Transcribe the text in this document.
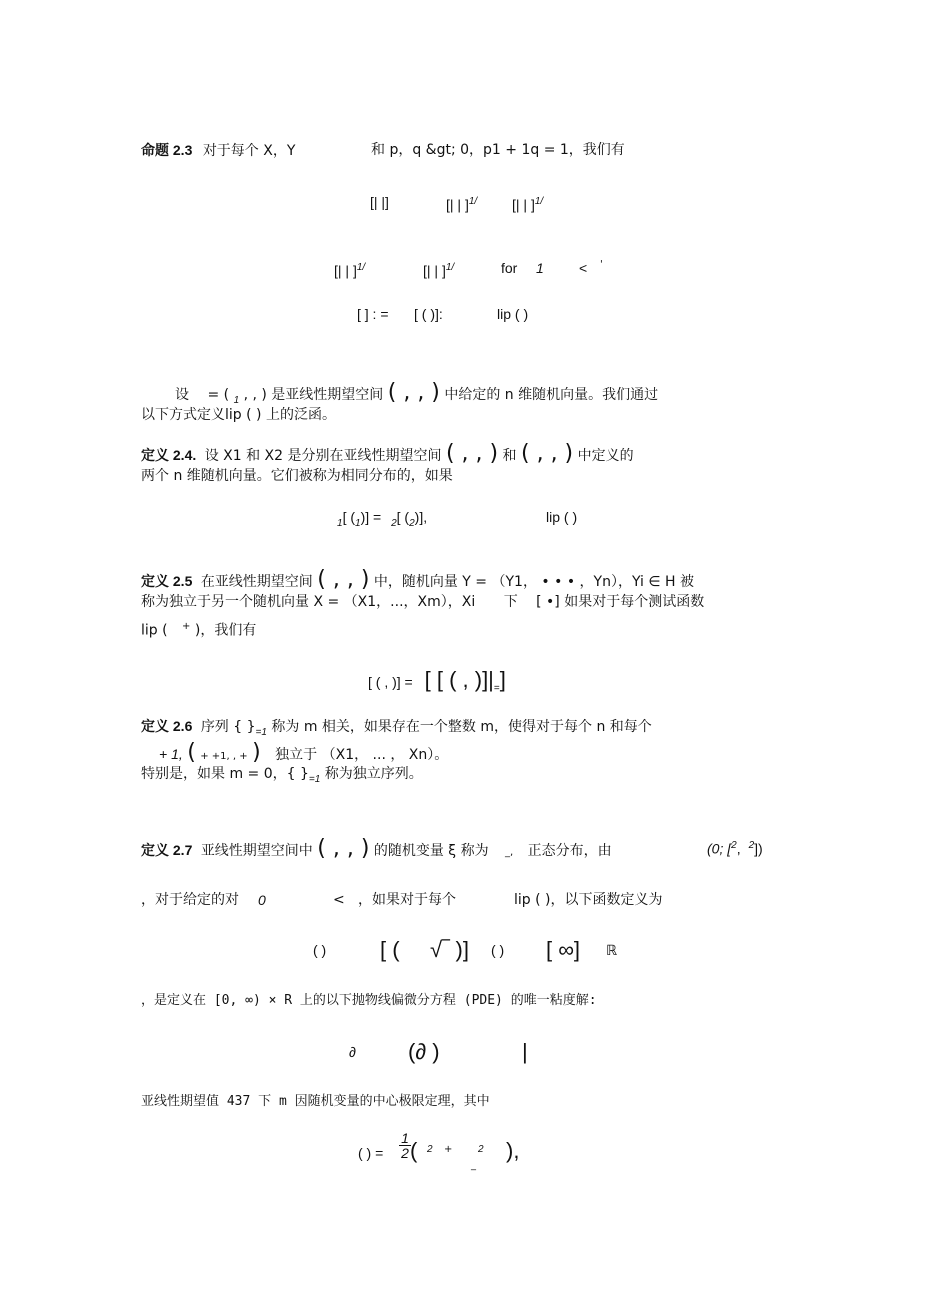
命题 2.3 对于每个 X，Y	和 p，q &gt; 0，p1 + 1q = 1，我们有
[| |]	[| | ]$^{1/}$ [| | ]$^{1/}$
[| | ]$^{1/}$	[| | ]$^{1/}$	for 1	< '
[ ] : = [ ( )]:	lip ( )
设 = ( $_1$ , , ) 是亚线性期望空间 ( , , ) 中给定的 n 维随机向量。我们通过
以下方式定义lip ( ) 上的泛函。
定义 2.4. 设 X1 和 X2 是分别在亚线性期望空间 ( , , ) 和 ( , , ) 中定义的
两个 n 维随机向量。它们被称为相同分布的，如果
$_1$[ $(_1)] = _2$[ $(_2)$],	lip ( )
定义 2.5 在亚线性期望空间 ( , , ) 中，随机向量 Y = （Y1， • • • ，Yn），Yi ∈ H 被
称为独立于另一个随机向量 X = （X1，...，Xm），Xi 下 [ •] 如果对于每个测试函数
lip ( + )，我们有
[ ( , )] = [ [ ( , )]$|_=$]
定义 2.6 序列 { }$_{=1}$ 称为 m 相关，如果存在一个整数 m，使得对于每个 n 和每个
+ 1, ( + +1, , + ) 独立于 （X1， ... ， Xn）。
特别是，如果 m = 0，{ }$_{=1}$ 称为独立序列。
定义 2.7 亚线性期望空间中 ( , , ) 的随机变量 ξ 称为 _, 正态分布，由	(0; [$^2$, $^2$])
，对于给定的对 0	< ，如果对于每个	lip ( )，以下函数定义为
( ) [ ( √‾ )] ( ) [ ∞] ℝ
，是定义在 [0, ∞) × R 上的以下抛物线偏微分方程 (PDE) 的唯一粘度解:
∂ (∂ )	|
亚线性期望值 437 下 m 因随机变量的中心极限定理，其中
( ) = $\frac{1}{2}$ ( 2 +	2
_
),
